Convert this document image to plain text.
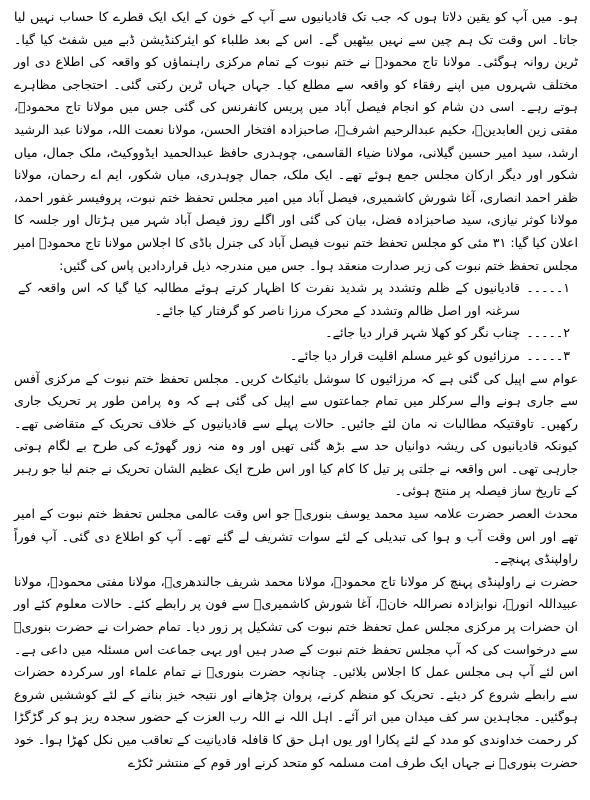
ہو۔ میں آپ کو یقین دلاتا ہوں کہ جب تک قادیانیوں سے آپ کے خون کے ایک ایک قطرے کا حساب نہیں لیا جاتا۔ اس وقت تک ہم چین سے نہیں بیٹھیں گے۔ اس کے بعد طلباء کو ایئرکنڈیشن ڈبے میں شفٹ کیا گیا۔ ٹرین روانہ ہوگئی۔ مولانا تاج محمودؒ نے ختم نبوت کے تمام مرکزی راہنماؤں کو واقعہ کی اطلاع دی اور مختلف شہروں میں اپنے رفقاء کو واقعہ سے مطلع کیا۔ جہاں جہاں ٹرین رکتی گئی۔ احتجاجی مظاہرے ہوتے رہے۔ اسی دن شام کو انجام فیصل آباد میں پریس کانفرنس کی گئی جس میں مولانا تاج محمودؒ، مفتی زین العابدینؒ، حکیم عبدالرحیم اشرفؒ، صاحبزادہ افتخار الحسن، مولانا نعمت اللہ، مولانا عبد الرشید ارشد، سید امیر حسین گیلانی، مولانا ضیاء القاسمی، چوہدری حافظ عبدالحمید ایڈووکیٹ، ملک جمال، میاں شکور اور دیگر ارکان مجلس جمع ہوئے تھے۔ ایک ملک، جمال چوہدری، میاں شکور، ایم اے رحمان، مولانا ظفر احمد انصاری، آغا شورش کاشمیری، فیصل آباد میں امیر مجلس تحفظ ختم نبوت، پروفیسر غفور احمد، مولانا کوثر نیازی، سید صاحبزادہ فضل، بیان کی گئی اور اگلے روز فیصل آباد شہر میں ہڑتال اور جلسہ کا اعلان کیا گیا: ۳۱ مئی کو مجلس تحفظ ختم نبوت فیصل آباد کی جنرل باڈی کا اجلاس مولانا تاج محمودؒ امیر مجلس تحفظ ختم نبوت کی زیر صدارت منعقد ہوا۔ جس میں مندرجہ ذیل قراردادیں پاس کی گئیں:

۱۔۔۔۔۔
قادیانیوں کے ظلم وتشدد پر شدید نفرت کا اظہار کرتے ہوئے مطالبہ کیا گیا کہ اس واقعہ کے سرغنہ اور اصل ظالم وتشدد کے محرک مرزا ناصر کو گرفتار کیا جائے۔
۲۔۔۔۔۔
چناب نگر کو کھلا شہر قرار دیا جائے۔
۳۔۔۔۔۔
مرزائیوں کو غیر مسلم اقلیت قرار دیا جائے۔

عوام سے اپیل کی گئی ہے کہ مرزائیوں کا سوشل بائیکاٹ کریں۔ مجلس تحفظ ختم نبوت کے مرکزی آفس سے جاری ہونے والے سرکلر میں تمام جماعتوں سے اپیل کی گئی ہے کہ وہ پرامن طور پر تحریک جاری رکھیں۔ تاوقتیکہ مطالبات نہ مان لئے جائیں۔ حالات پہلے سے قادیانیوں کے خلاف تحریک کے متقاضی تھے۔ کیونکہ قادیانیوں کی ریشہ دوانیاں حد سے بڑھ گئی تھیں اور وہ منہ زور گھوڑے کی طرح بے لگام ہوتی جارہی تھی۔ اس واقعہ نے جلتی پر تیل کا کام کیا اور اس طرح ایک عظیم الشان تحریک نے جنم لیا جو رہبر کے تاریخ ساز فیصلہ پر منتج ہوئی۔

محدث العصر حضرت علامہ سید محمد یوسف بنوریؒ جو اس وقت عالمی مجلس تحفظ ختم نبوت کے امیر تھے اور اس وقت آب و ہوا کی تبدیلی کے لئے سوات تشریف لے گئے تھے۔ آپ کو اطلاع دی گئی۔ آپ فوراً راولپنڈی پہنچے۔

حضرت نے راولپنڈی پہنچ کر مولانا تاج محمودؒ، مولانا محمد شریف جالندھریؒ، مولانا مفتی محمودؒ، مولانا عبیداللہ انورؒ، نوابزادہ نصراللہ خانؒ، آغا شورش کاشمیریؒ سے فون پر رابطے کئے۔ حالات معلوم کئے اور ان حضرات پر مرکزی مجلس عمل تحفظ ختم نبوت کی تشکیل پر زور دیا۔ تمام حضرات نے حضرت بنوریؒ سے درخواست کی کہ آپ مجلس تحفظ ختم نبوت کے صدر ہیں اور یہی جماعت اس مسئلہ میں داعی ہے۔ اس لئے آپ ہی مجلس عمل کا اجلاس بلائیں۔ چنانچہ حضرت بنوریؒ نے تمام علماء اور سرکردہ حضرات سے رابطے شروع کر دیئے۔ تحریک کو منظم کرنے، پروان چڑھانے اور نتیجہ خیز بنانے کے لئے کوششیں شروع ہوگئیں۔ مجاہدین سر کف میدان میں اتر آئے۔ اہل اللہ نے اللہ رب العزت کے حضور سجدہ ریز ہو کر گڑگڑا کر رحمت خداوندی کو مدد کے لئے پکارا اور یوں اہل حق کا قافلہ قادیانیت کے تعاقب میں نکل کھڑا ہوا۔ خود حضرت بنوریؒ نے جہاں ایک طرف امت مسلمہ کو متحد کرنے اور قوم کے منتشر ٹکڑے
